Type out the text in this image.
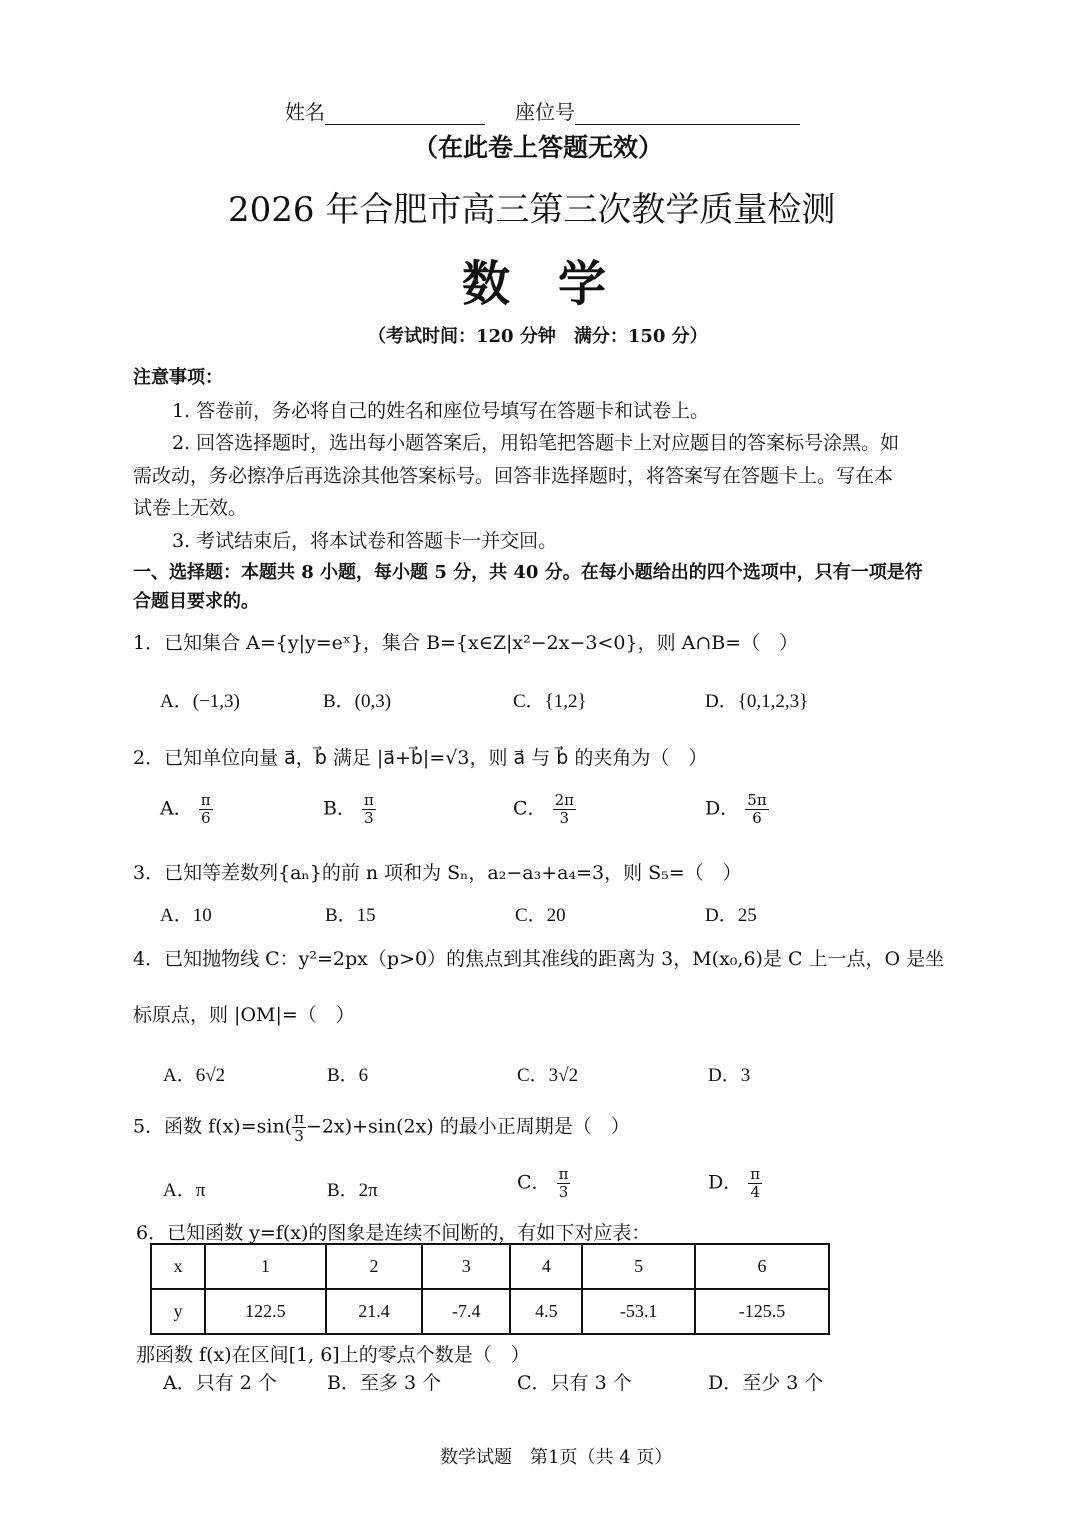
姓名	座位号
（在此卷上答题无效）
2026 年合肥市高三第三次教学质量检测
数　学
（考试时间：120 分钟　满分：150 分）
注意事项：
1. 答卷前，务必将自己的姓名和座位号填写在答题卡和试卷上。
2. 回答选择题时，选出每小题答案后，用铅笔把答题卡上对应题目的答案标号涂黑。如
需改动，务必擦净后再选涂其他答案标号。回答非选择题时，将答案写在答题卡上。写在本
试卷上无效。
3. 考试结束后，将本试卷和答题卡一并交回。
一、选择题：本题共 8 小题，每小题 5 分，共 40 分。在每小题给出的四个选项中，只有一项是符
合题目要求的。
1．已知集合 A={y|y=eˣ}，集合 B={x∈Z|x²−2x−3<0}，则 A∩B=（　）
A．(−1,3)	B．(0,3)	C．{1,2}	D．{0,1,2,3}
2．已知单位向量 a⃗，b⃗ 满足 |a⃗+b⃗|=√3，则 a⃗ 与 b⃗ 的夹角为（　）
A． $\frac{\pi}{6}$	B． $\frac{\pi}{3}$	C． $\frac{2\pi}{3}$	D． $\frac{5\pi}{6}$
3．已知等差数列{aₙ}的前 n 项和为 Sₙ，a₂−a₃+a₄=3，则 S₅=（　）
A．10	B．15	C．20	D．25
4．已知抛物线 C：y²=2px（p>0）的焦点到其准线的距离为 3，M(x₀,6)是 C 上一点，O 是坐
标原点，则 |OM|=（　）
A．6√2	B．6	C．3√2	D．3
5．函数 $f(x)=\sin( \frac{\pi}{3} -2x)+\sin(2x)$ 的最小正周期是（　）
A．π	B．2π	C． $\frac{\pi}{3}$	D． $\frac{\pi}{4}$
6．已知函数 y=f(x)的图象是连续不间断的，有如下对应表：
x	1	2	3	4	5	6
y	122.5	21.4	-7.4	4.5	-53.1	-125.5
那函数 f(x)在区间[1, 6]上的零点个数是（　）
A．只有 2 个	B．至多 3 个	C．只有 3 个	D．至少 3 个
数学试题　第1页（共 4 页）
